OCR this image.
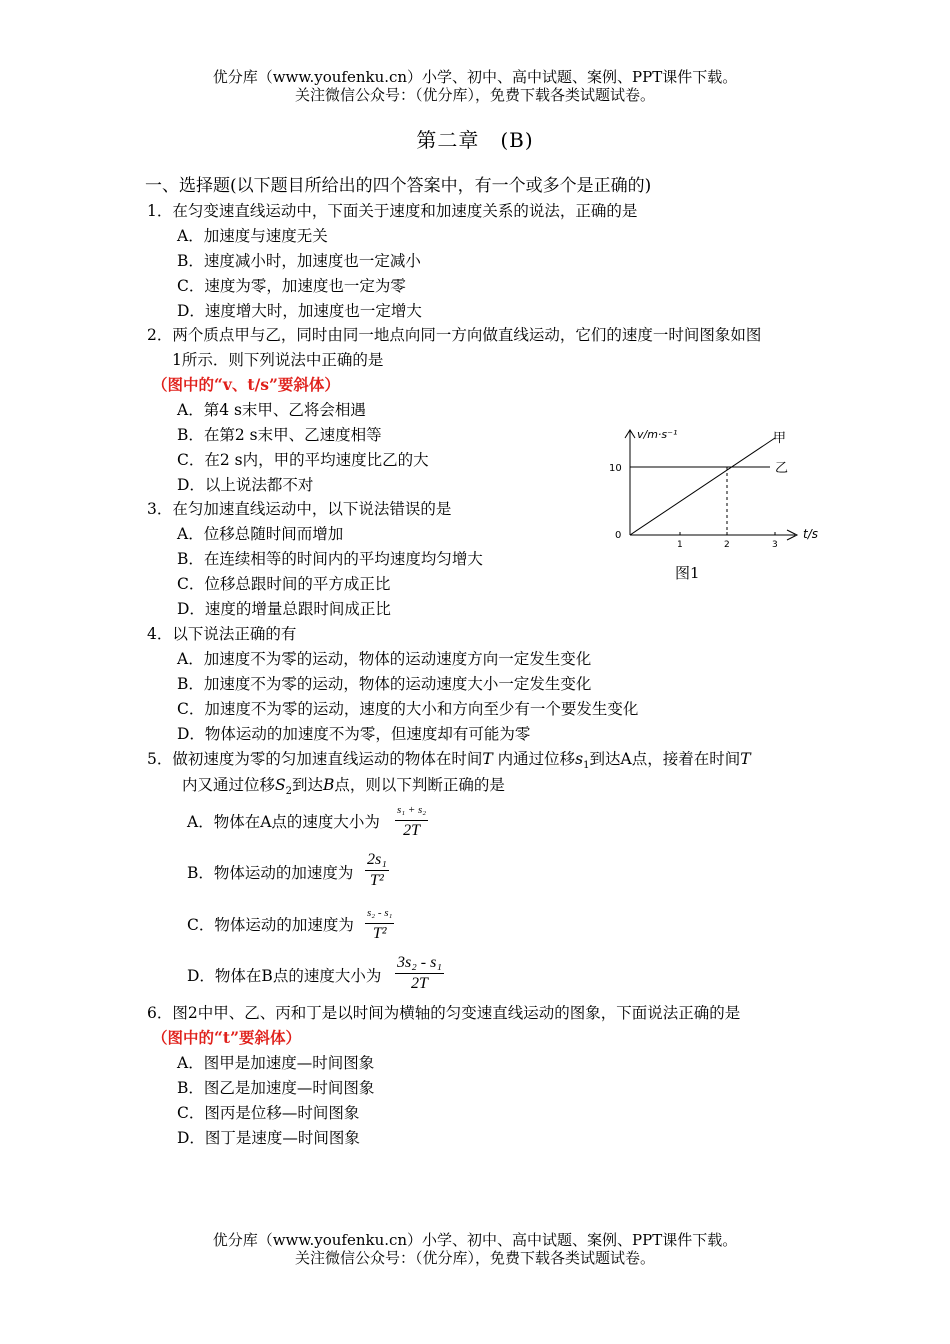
优分库（www.youfenku.cn）小学、初中、高中试题、案例、PPT课件下载。
关注微信公众号：（优分库），免费下载各类试题试卷。
第二章　(B)
一、选择题(以下题目所给出的四个答案中，有一个或多个是正确的)
1．在匀变速直线运动中，下面关于速度和加速度关系的说法，正确的是
A．加速度与速度无关
B．速度减小时，加速度也一定减小
C．速度为零，加速度也一定为零
D．速度增大时，加速度也一定增大
2．两个质点甲与乙，同时由同一地点向同一方向做直线运动，它们的速度一时间图象如图
1所示．则下列说法中正确的是
（图中的“v、t/s”要斜体）
A．第4 s末甲、乙将会相遇
B．在第2 s末甲、乙速度相等
C．在2 s内，甲的平均速度比乙的大
D．以上说法都不对
v/m·s⁻¹
t/s
10
0
1	2	3
甲
乙
图1
3．在匀加速直线运动中，以下说法错误的是
A．位移总随时间而增加
B．在连续相等的时间内的平均速度均匀增大
C．位移总跟时间的平方成正比
D．速度的增量总跟时间成正比
4．以下说法正确的有
A．加速度不为零的运动，物体的运动速度方向一定发生变化
B．加速度不为零的运动，物体的运动速度大小一定发生变化
C．加速度不为零的运动，速度的大小和方向至少有一个要发生变化
D．物体运动的加速度不为零，但速度却有可能为零
5．做初速度为零的匀加速直线运动的物体在时间T 内通过位移$s_1$到达A点，接着在时间T
内又通过位移$S_2$到达B点，则以下判断正确的是
A．物体在A点的速度大小为
s₁ + s₂
2T
B．物体运动的加速度为 $\frac{\text{2s₁}}{\text{T²}}$
C．物体运动的加速度为
s₂ - s₁
T²
D．物体在B点的速度大小为 $\frac{\text{3s₂ - s₁}}{2T}$
6．图2中甲、乙、丙和丁是以时间为横轴的匀变速直线运动的图象，下面说法正确的是
（图中的“t”要斜体）
A．图甲是加速度—时间图象
B．图乙是加速度—时间图象
C．图丙是位移—时间图象
D．图丁是速度—时间图象
优分库（www.youfenku.cn）小学、初中、高中试题、案例、PPT课件下载。
关注微信公众号：（优分库），免费下载各类试题试卷。
